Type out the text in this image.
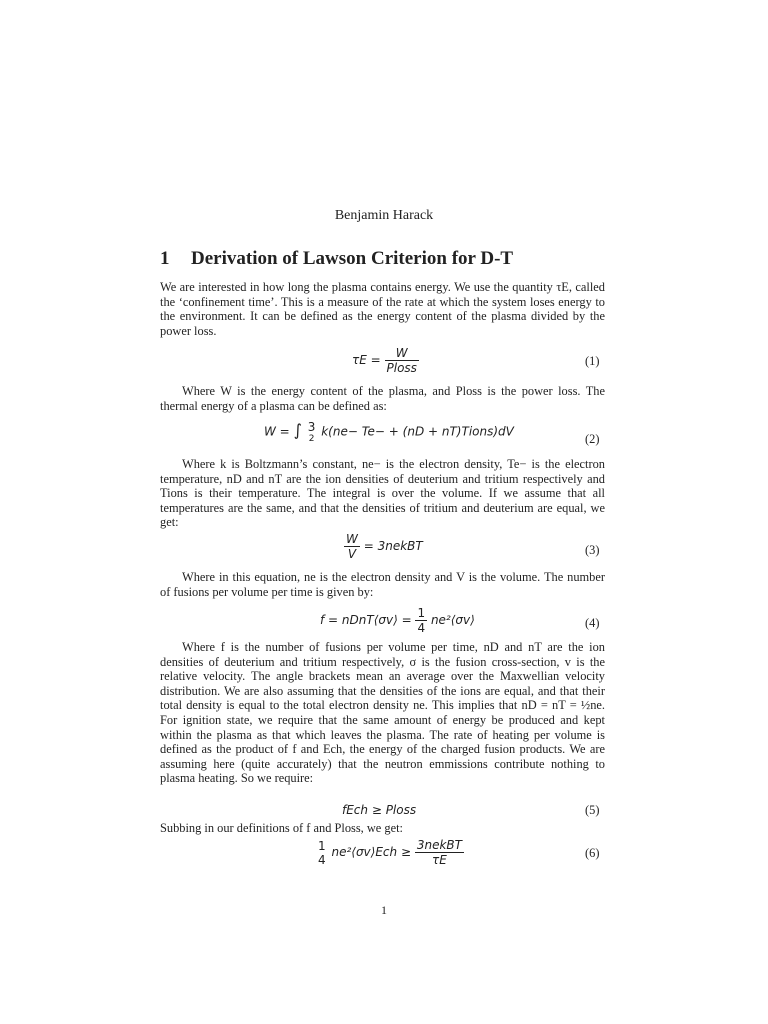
Benjamin Harack
1 Derivation of Lawson Criterion for D-T
We are interested in how long the plasma contains energy. We use the quantity τE, called the ‘confinement time’. This is a measure of the rate at which the system loses energy to the environment. It can be defined as the energy content of the plasma divided by the power loss.
$\tau E = \frac{W}{\text{Ploss}}$	(1)
Where W is the energy content of the plasma, and Ploss is the power loss. The thermal energy of a plasma can be defined as:
W = ∫ 3
2
k(ne− Te− + (nD + nT)Tions)dV
(2)
Where k is Boltzmann’s constant, ne− is the electron density, Te− is the electron temperature, nD and nT are the ion densities of deuterium and tritium respectively and Tions is their temperature. The integral is over the volume. If we assume that all temperatures are the same, and that the densities of tritium and deuterium are equal, we get:
$\frac{W}{V}$ = 3nekBT	(3)
Where in this equation, ne is the electron density and V is the volume. The number of fusions per volume per time is given by:
f = nDnT⟨σv⟩ = $\frac{1}{4}$ ne²⟨σv⟩	(4)
Where f is the number of fusions per volume per time, nD and nT are the ion densities of deuterium and tritium respectively, σ is the fusion cross-section, v is the relative velocity. The angle brackets mean an average over the Maxwellian velocity distribution. We are also assuming that the densities of the ions are equal, and that their total density is equal to the total electron density ne. This implies that nD = nT = ½ne. For ignition state, we require that the same amount of energy be produced and kept within the plasma as that which leaves the plasma. The rate of heating per volume is defined as the product of f and Ech, the energy of the charged fusion products. We are assuming here (quite accurately) that the neutron emmissions contribute nothing to plasma heating. So we require:
fEch ≥ Ploss	(5)
Subbing in our definitions of f and Ploss, we get:
1
4
ne²⟨σv⟩Ech ≥ $\frac{\text{3nekBT}}{\tau E}$	(6)
1
